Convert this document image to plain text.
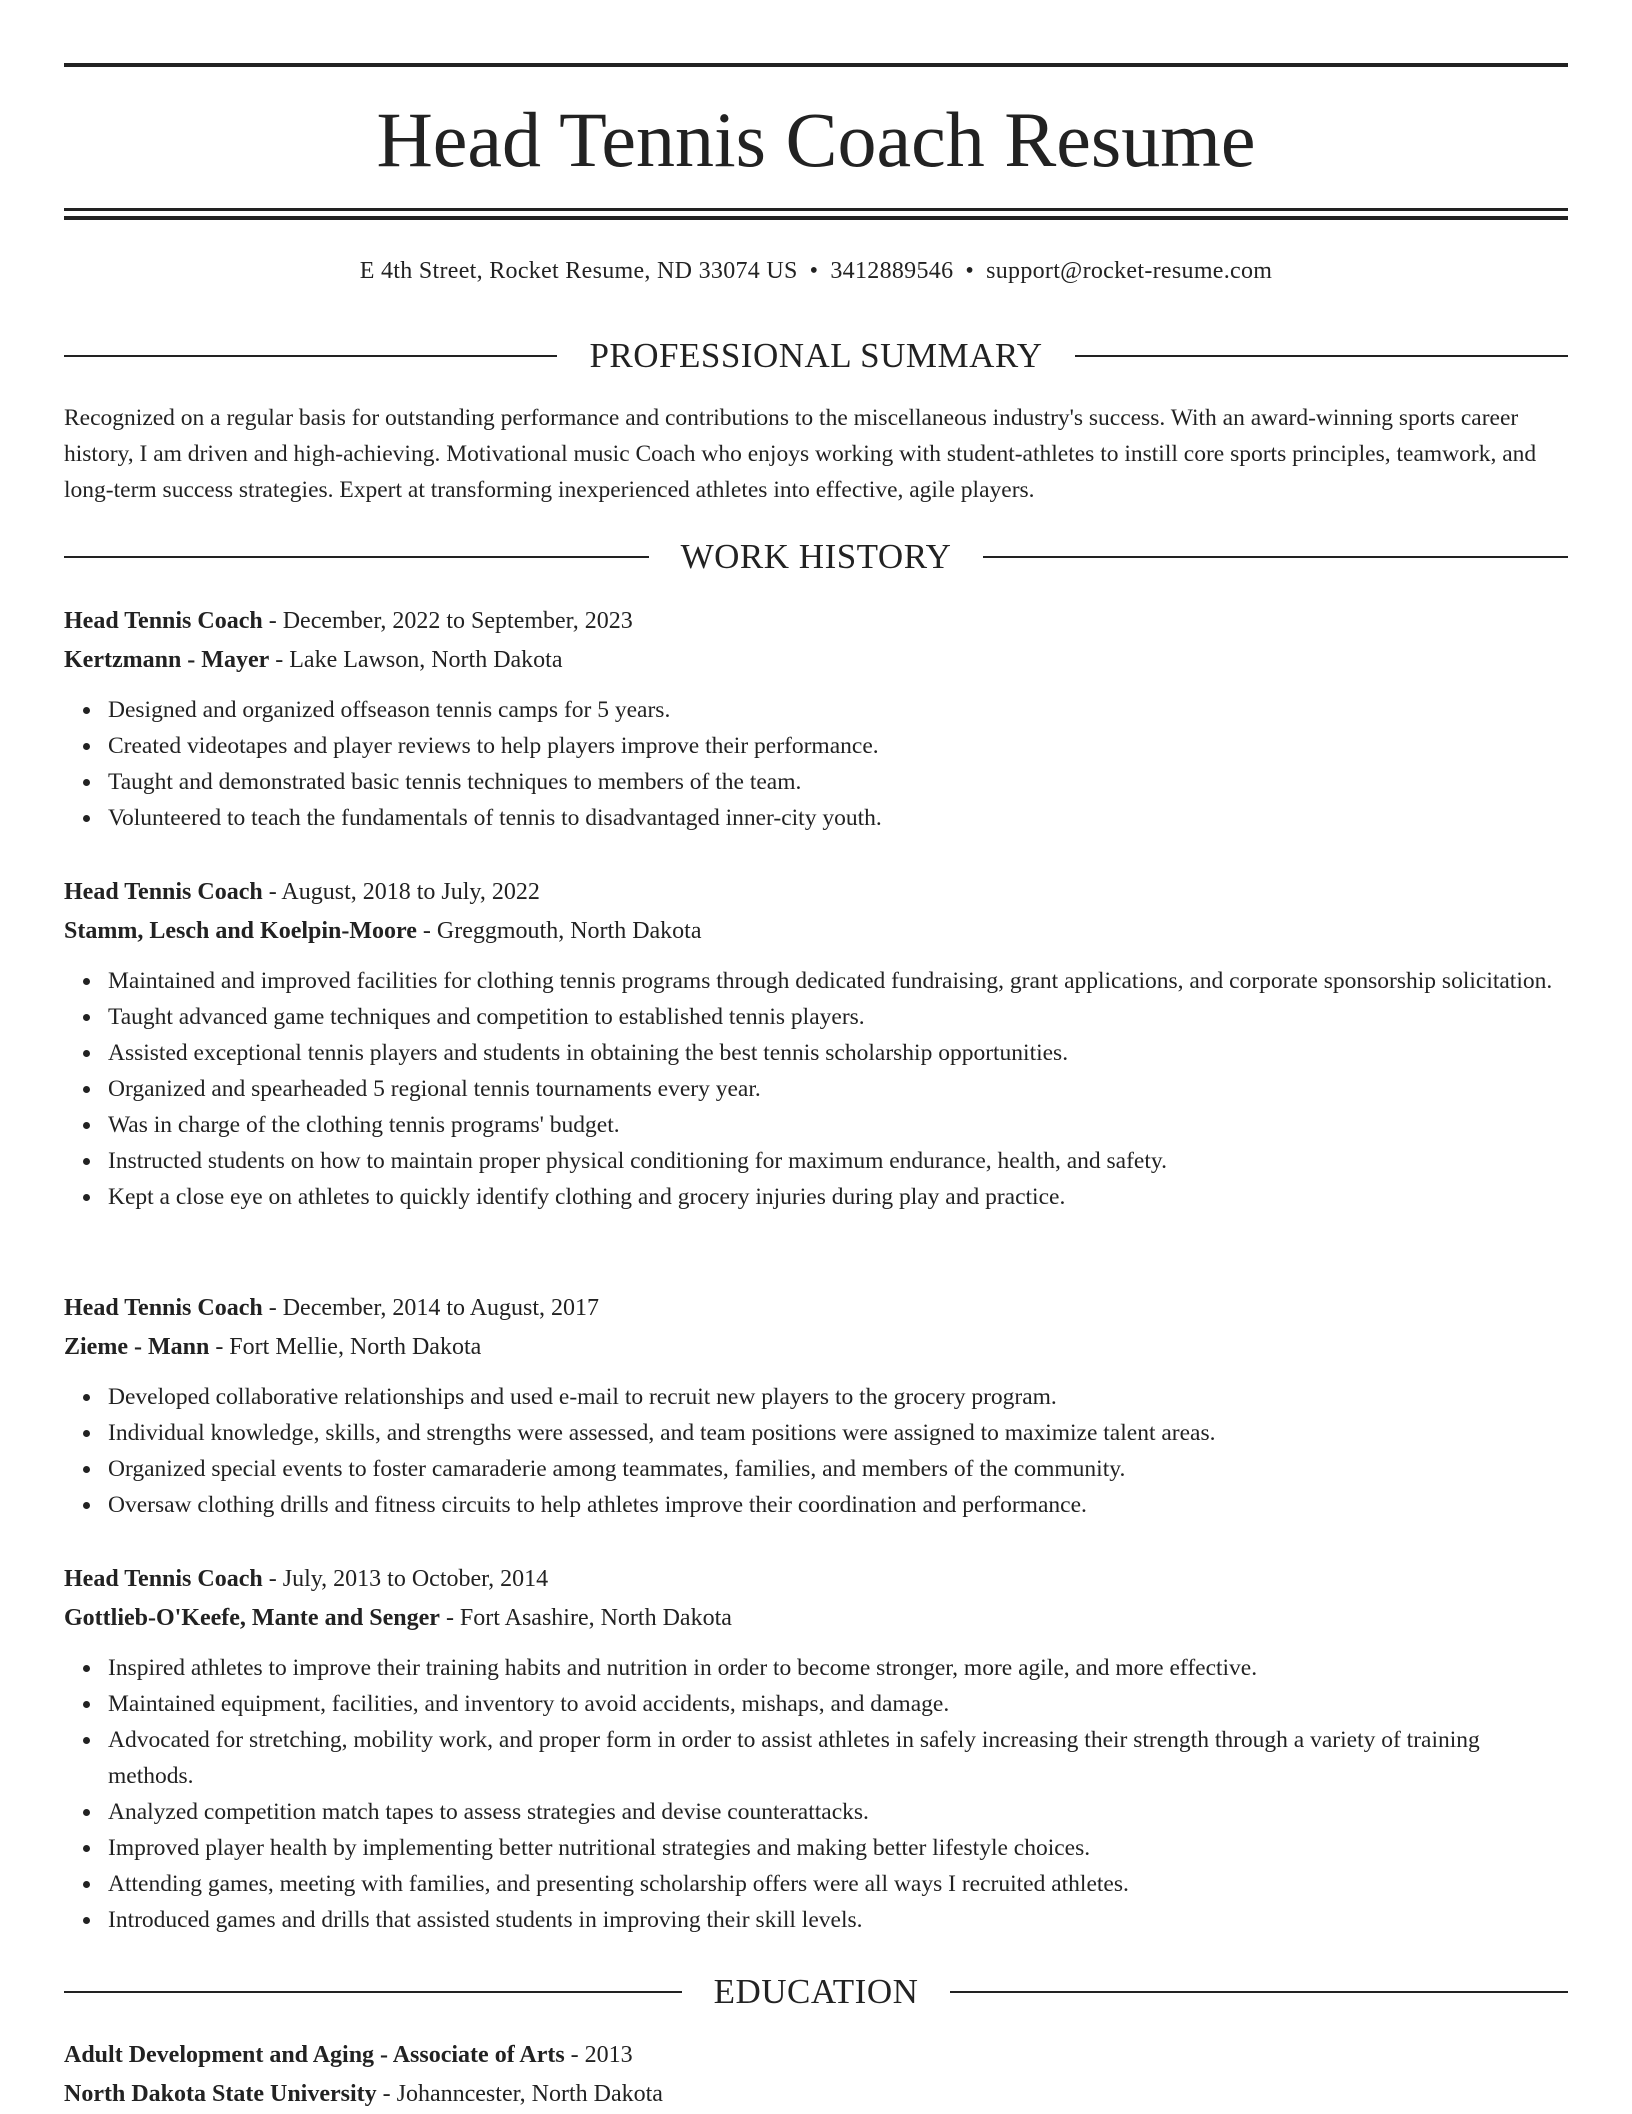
Head Tennis Coach Resume
E 4th Street, Rocket Resume, ND 33074 US • 3412889546 • support@rocket-resume.com
PROFESSIONAL SUMMARY

Recognized on a regular basis for outstanding performance and contributions to the miscellaneous industry's success. With an award-winning sports career history, I am driven and high-achieving. Motivational music Coach who enjoys working with student-athletes to instill core sports principles, teamwork, and long-term success strategies. Expert at transforming inexperienced athletes into effective, agile players.

WORK HISTORY

Head Tennis Coach - December, 2022 to September, 2023

Kertzmann - Mayer - Lake Lawson, North Dakota

Designed and organized offseason tennis camps for 5 years.
Created videotapes and player reviews to help players improve their performance.
Taught and demonstrated basic tennis techniques to members of the team.
Volunteered to teach the fundamentals of tennis to disadvantaged inner-city youth.

Head Tennis Coach - August, 2018 to July, 2022

Stamm, Lesch and Koelpin-Moore - Greggmouth, North Dakota

Maintained and improved facilities for clothing tennis programs through dedicated fundraising, grant applications, and corporate sponsorship solicitation.
Taught advanced game techniques and competition to established tennis players.
Assisted exceptional tennis players and students in obtaining the best tennis scholarship opportunities.
Organized and spearheaded 5 regional tennis tournaments every year.
Was in charge of the clothing tennis programs' budget.
Instructed students on how to maintain proper physical conditioning for maximum endurance, health, and safety.
Kept a close eye on athletes to quickly identify clothing and grocery injuries during play and practice.

Head Tennis Coach - December, 2014 to August, 2017

Zieme - Mann - Fort Mellie, North Dakota

Developed collaborative relationships and used e-mail to recruit new players to the grocery program.
Individual knowledge, skills, and strengths were assessed, and team positions were assigned to maximize talent areas.
Organized special events to foster camaraderie among teammates, families, and members of the community.
Oversaw clothing drills and fitness circuits to help athletes improve their coordination and performance.

Head Tennis Coach - July, 2013 to October, 2014

Gottlieb-O'Keefe, Mante and Senger - Fort Asashire, North Dakota

Inspired athletes to improve their training habits and nutrition in order to become stronger, more agile, and more effective.
Maintained equipment, facilities, and inventory to avoid accidents, mishaps, and damage.
Advocated for stretching, mobility work, and proper form in order to assist athletes in safely increasing their strength through a variety of training methods.
Analyzed competition match tapes to assess strategies and devise counterattacks.
Improved player health by implementing better nutritional strategies and making better lifestyle choices.
Attending games, meeting with families, and presenting scholarship offers were all ways I recruited athletes.
Introduced games and drills that assisted students in improving their skill levels.
EDUCATION

Adult Development and Aging - Associate of Arts - 2013

North Dakota State University - Johanncester, North Dakota
